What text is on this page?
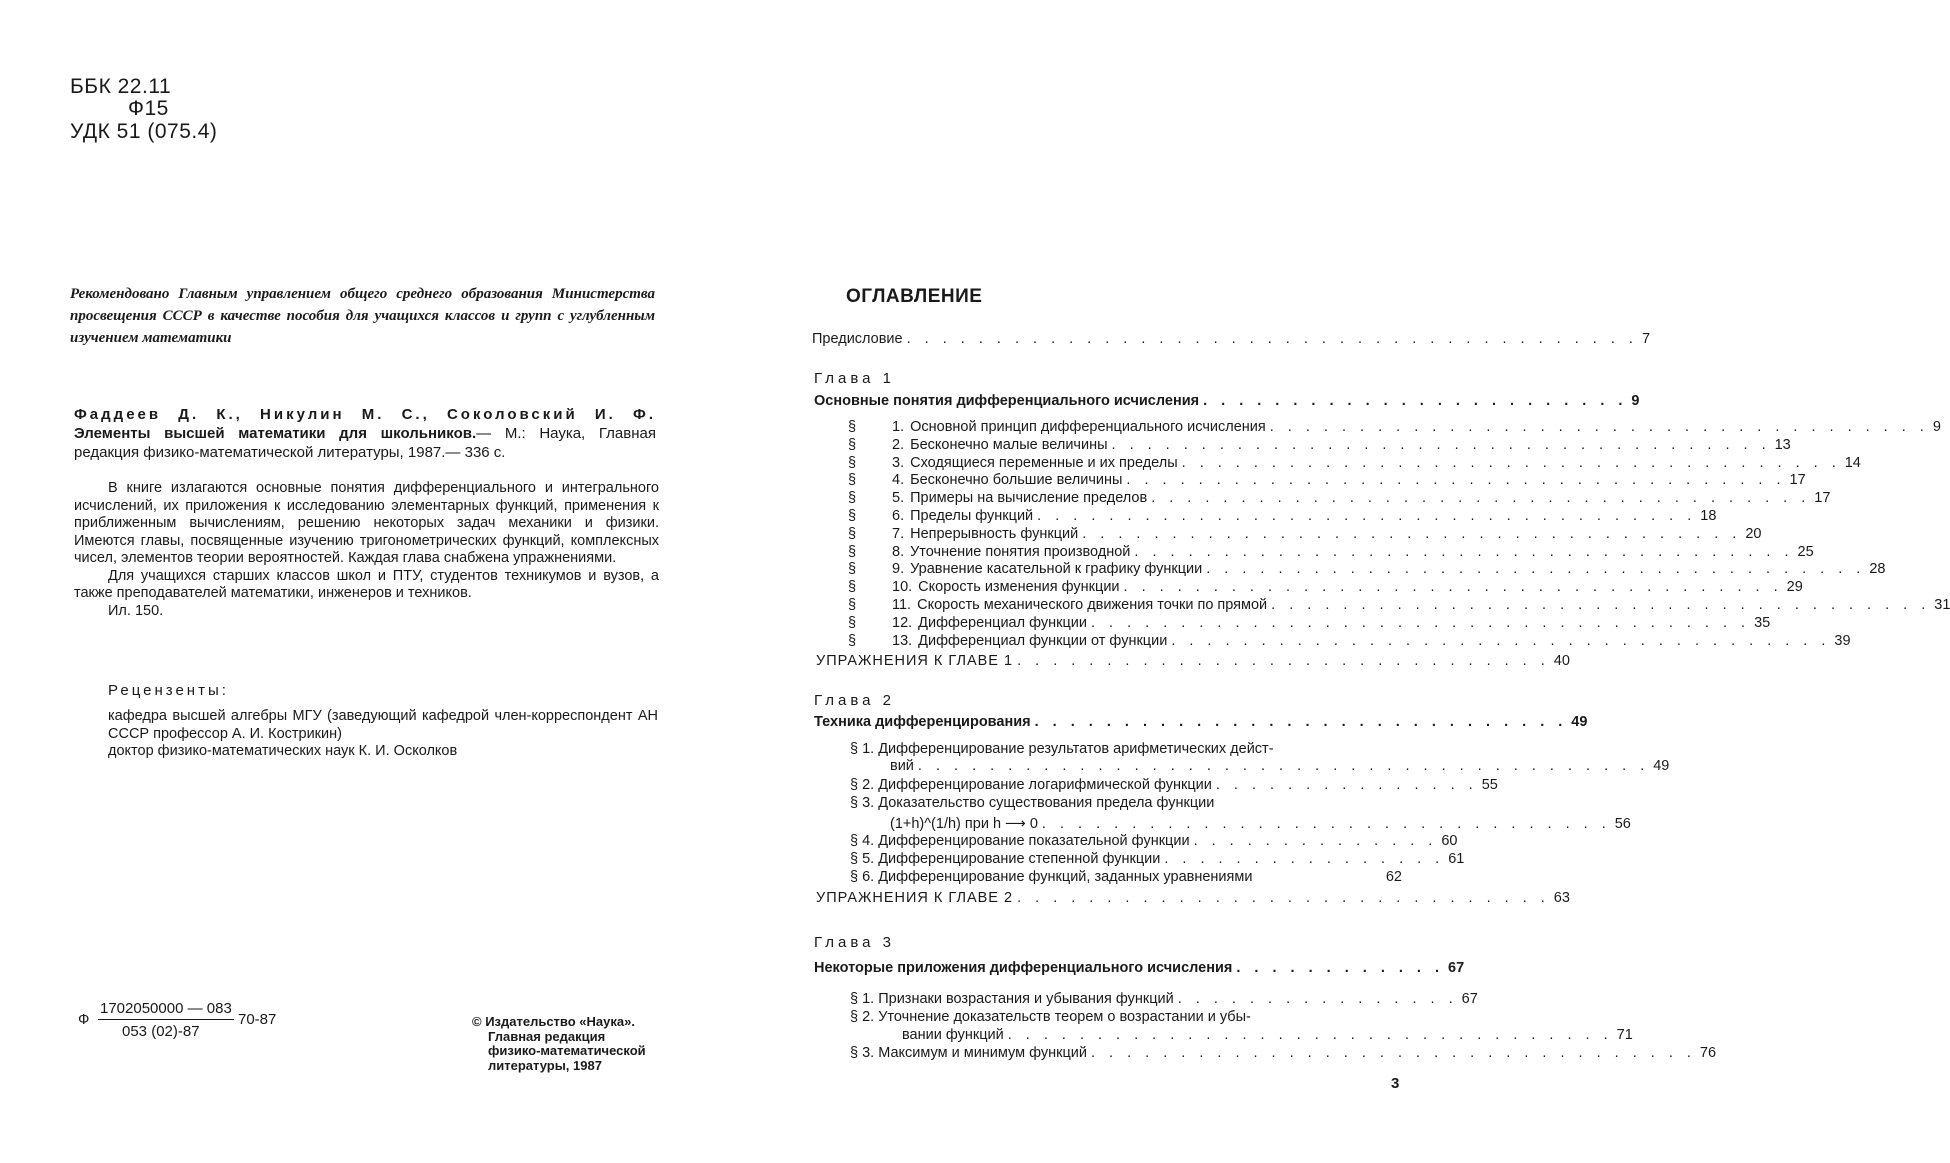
ББК 22.11
Ф15
УДК 51 (075.4)
Рекомендовано Главным управлением общего среднего образования Министерства просвещения СССР в качестве пособия для учащихся классов и групп с углубленным изучением математики
Фаддеев Д. К., Никулин М. С., Соколовский И. Ф. Элементы высшей математики для школьников.— М.: Наука, Главная редакция физико-математической литературы, 1987.— 336 с.

В книге излагаются основные понятия дифференциального и интегрального исчислений, их приложения к исследованию элементарных функций, применения к приближенным вычислениям, решению некоторых задач механики и физики. Имеются главы, посвященные изучению тригонометрических функций, комплексных чисел, элементов теории вероятностей. Каждая глава снабжена упражнениями.

Для учащихся старших классов школ и ПТУ, студентов техникумов и вузов, а также преподавателей математики, инженеров и техников.

Ил. 150.

Рецензенты:

кафедра высшей алгебры МГУ (заведующий кафедрой член-корреспондент АН СССР профессор А. И. Кострикин)

доктор физико-математических наук К. И. Осколков

Ф
1702050000 — 083
053 (02)-87
70-87	© Издательство «Наука».
Главная редакция
физико-математической
литературы, 1987
ОГЛАВЛЕНИЕ
Предисловие . . . . . . . . . . . . . . . . . . . . . . . . . . . . . . . . . . . . . . . . . 7
Глава 1
Основные понятия дифференциального исчисления . . . . . . . . . . . . . . . . . . . . . . . . 9
§	1. Основной принцип дифференциального исчисления . . . . . . . . . . . . . . . . . . . . . . . . . . . . . . . . . . . . . 9
§	2. Бесконечно малые величины . . . . . . . . . . . . . . . . . . . . . . . . . . . . . . . . . . . . . 13
§	3. Сходящиеся переменные и их пределы . . . . . . . . . . . . . . . . . . . . . . . . . . . . . . . . . . . . . 14
§	4. Бесконечно большие величины . . . . . . . . . . . . . . . . . . . . . . . . . . . . . . . . . . . . . 17
§	5. Примеры на вычисление пределов . . . . . . . . . . . . . . . . . . . . . . . . . . . . . . . . . . . . . 17
§	6. Пределы функций . . . . . . . . . . . . . . . . . . . . . . . . . . . . . . . . . . . . . 18
§	7. Непрерывность функций . . . . . . . . . . . . . . . . . . . . . . . . . . . . . . . . . . . . . 20
§	8. Уточнение понятия производной . . . . . . . . . . . . . . . . . . . . . . . . . . . . . . . . . . . . . 25
§	9. Уравнение касательной к графику функции . . . . . . . . . . . . . . . . . . . . . . . . . . . . . . . . . . . . . 28
§	10. Скорость изменения функции . . . . . . . . . . . . . . . . . . . . . . . . . . . . . . . . . . . . . 29
§	11. Скорость механического движения точки по прямой . . . . . . . . . . . . . . . . . . . . . . . . . . . . . . . . . . . . . 31
§	12. Дифференциал функции . . . . . . . . . . . . . . . . . . . . . . . . . . . . . . . . . . . . . 35
§	13. Дифференциал функции от функции . . . . . . . . . . . . . . . . . . . . . . . . . . . . . . . . . . . . . 39
УПРАЖНЕНИЯ К ГЛАВЕ 1 . . . . . . . . . . . . . . . . . . . . . . . . . . . . . . 40
Глава 2
Техника дифференцирования . . . . . . . . . . . . . . . . . . . . . . . . . . . . . . 49
§ 1. Дифференцирование результатов арифметических дейст-
вий . . . . . . . . . . . . . . . . . . . . . . . . . . . . . . . . . . . . . . . . . 49
§ 2. Дифференцирование логарифмической функции . . . . . . . . . . . . . . . 55
§ 3. Доказательство существования предела функции
(1+h)^(1/h) при h ⟶ 0 . . . . . . . . . . . . . . . . . . . . . . . . . . . . . . . . 56
§ 4. Дифференцирование показательной функции . . . . . . . . . . . . . . 60
§ 5. Дифференцирование степенной функции . . . . . . . . . . . . . . . . 61
§ 6. Дифференцирование функций, заданных уравнениями	62
УПРАЖНЕНИЯ К ГЛАВЕ 2 . . . . . . . . . . . . . . . . . . . . . . . . . . . . . . 63
Глава 3
Некоторые приложения дифференциального исчисления . . . . . . . . . . . . 67
§ 1. Признаки возрастания и убывания функций . . . . . . . . . . . . . . . . 67
§ 2. Уточнение доказательств теорем о возрастании и убы-
вании функций . . . . . . . . . . . . . . . . . . . . . . . . . . . . . . . . . . 71
§ 3. Максимум и минимум функций . . . . . . . . . . . . . . . . . . . . . . . . . . . . . . . . . . 76
3
